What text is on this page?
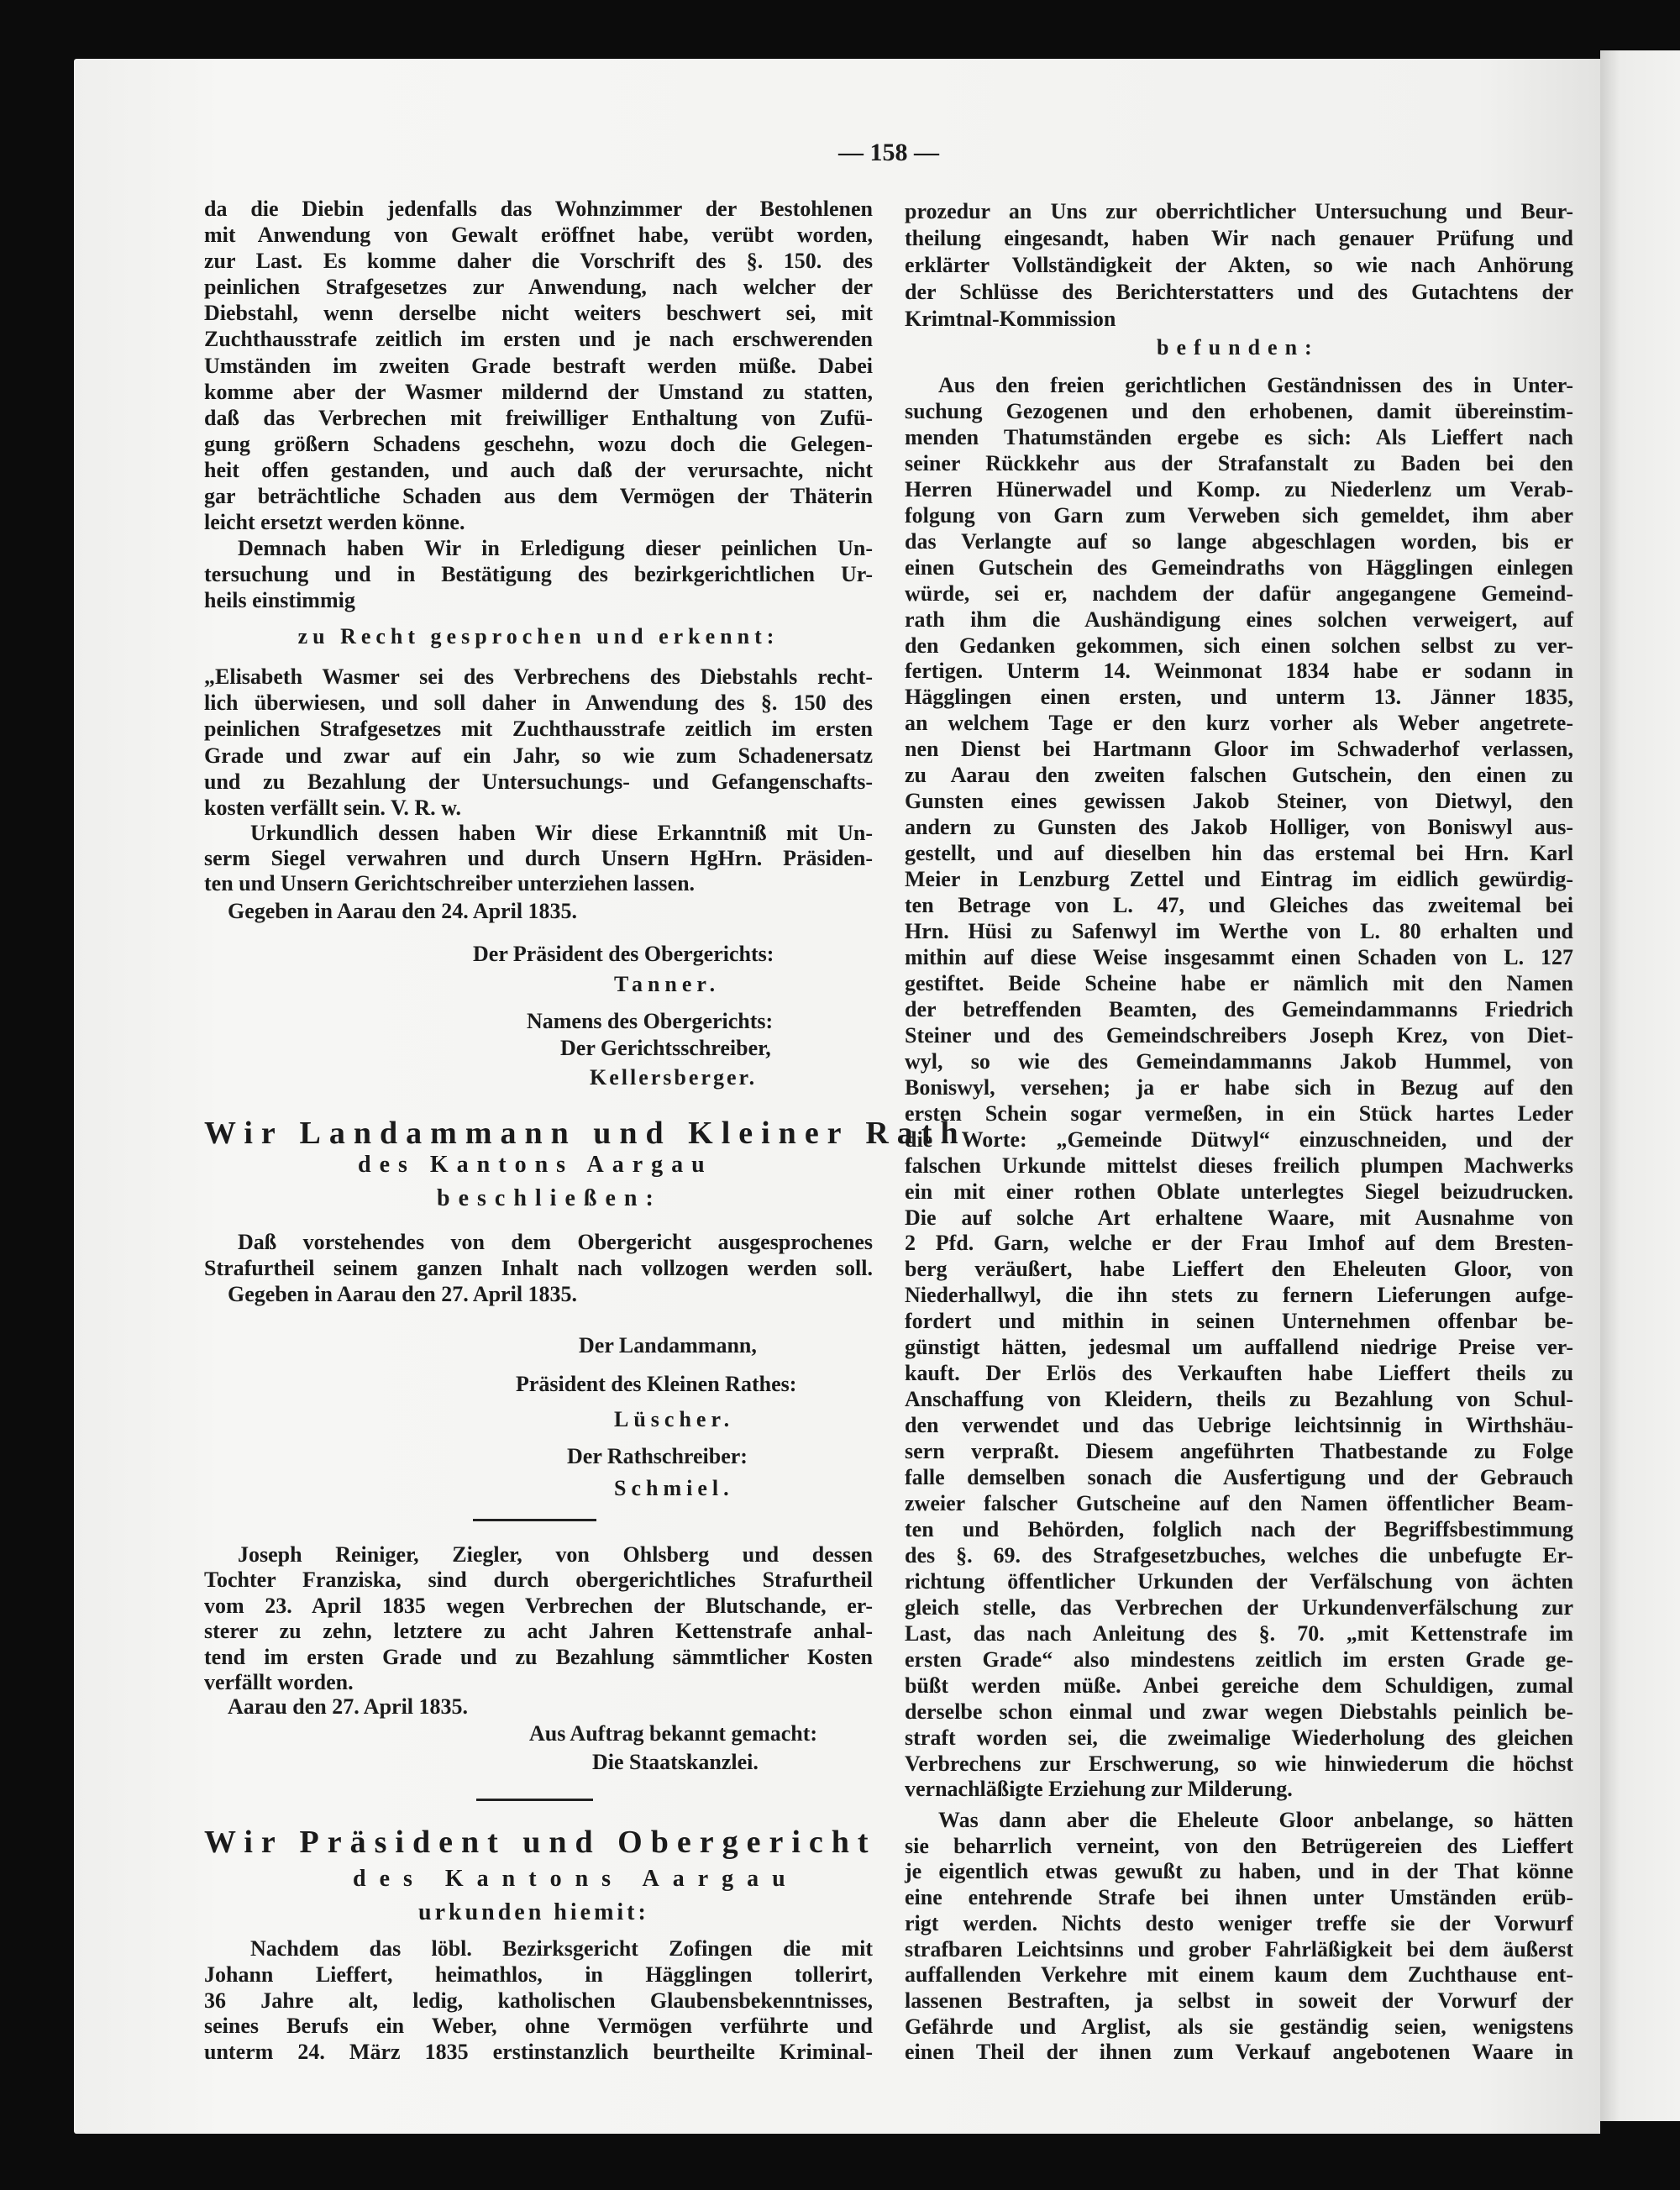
— 158 —
da die Diebin jedenfalls das Wohnzimmer der Bestohlenen
mit Anwendung von Gewalt eröffnet habe, verübt worden,
zur Last. Es komme daher die Vorschrift des §. 150. des
peinlichen Strafgesetzes zur Anwendung, nach welcher der
Diebstahl, wenn derselbe nicht weiters beschwert sei, mit
Zuchthausstrafe zeitlich im ersten und je nach erschwerenden
Umständen im zweiten Grade bestraft werden müße. Dabei
komme aber der Wasmer mildernd der Umstand zu statten,
daß das Verbrechen mit freiwilliger Enthaltung von Zufü-
gung größern Schadens geschehn, wozu doch die Gelegen-
heit offen gestanden, und auch daß der verursachte, nicht
gar beträchtliche Schaden aus dem Vermögen der Thäterin
leicht ersetzt werden könne.
Demnach haben Wir in Erledigung dieser peinlichen Un-
tersuchung und in Bestätigung des bezirkgerichtlichen Ur-
heils einstimmig
zu Recht gesprochen und erkennt:
„Elisabeth Wasmer sei des Verbrechens des Diebstahls recht-
lich überwiesen, und soll daher in Anwendung des §. 150 des
peinlichen Strafgesetzes mit Zuchthausstrafe zeitlich im ersten
Grade und zwar auf ein Jahr, so wie zum Schadenersatz
und zu Bezahlung der Untersuchungs- und Gefangenschafts-
kosten verfällt sein. V. R. w.
Urkundlich dessen haben Wir diese Erkanntniß mit Un-
serm Siegel verwahren und durch Unsern HgHrn. Präsiden-
ten und Unsern Gerichtschreiber unterziehen lassen.
Gegeben in Aarau den 24. April 1835.
Der Präsident des Obergerichts:
Tanner.
Namens des Obergerichts:
Der Gerichtsschreiber,
Kellersberger.
Wir Landammann und Kleiner Rath
des Kantons Aargau
beschließen:
Daß vorstehendes von dem Obergericht ausgesprochenes
Strafurtheil seinem ganzen Inhalt nach vollzogen werden soll.
Gegeben in Aarau den 27. April 1835.
Der Landammann,
Präsident des Kleinen Rathes:
Lüscher.
Der Rathschreiber:
Schmiel.
Joseph Reiniger, Ziegler, von Ohlsberg und dessen
Tochter Franziska, sind durch obergerichtliches Strafurtheil
vom 23. April 1835 wegen Verbrechen der Blutschande, er-
sterer zu zehn, letztere zu acht Jahren Kettenstrafe anhal-
tend im ersten Grade und zu Bezahlung sämmtlicher Kosten
verfällt worden.
Aarau den 27. April 1835.
Aus Auftrag bekannt gemacht:
Die Staatskanzlei.
Wir Präsident und Obergericht
des Kantons Aargau
urkunden hiemit:
Nachdem das löbl. Bezirksgericht Zofingen die mit
Johann Lieffert, heimathlos, in Hägglingen tollerirt,
36 Jahre alt, ledig, katholischen Glaubensbekenntnisses,
seines Berufs ein Weber, ohne Vermögen verführte und
unterm 24. März 1835 erstinstanzlich beurtheilte Kriminal-
prozedur an Uns zur oberrichtlicher Untersuchung und Beur-
theilung eingesandt, haben Wir nach genauer Prüfung und
erklärter Vollständigkeit der Akten, so wie nach Anhörung
der Schlüsse des Berichterstatters und des Gutachtens der
Krimtnal-Kommission
befunden:
Aus den freien gerichtlichen Geständnissen des in Unter-
suchung Gezogenen und den erhobenen, damit übereinstim-
menden Thatumständen ergebe es sich: Als Lieffert nach
seiner Rückkehr aus der Strafanstalt zu Baden bei den
Herren Hünerwadel und Komp. zu Niederlenz um Verab-
folgung von Garn zum Verweben sich gemeldet, ihm aber
das Verlangte auf so lange abgeschlagen worden, bis er
einen Gutschein des Gemeindraths von Hägglingen einlegen
würde, sei er, nachdem der dafür angegangene Gemeind-
rath ihm die Aushändigung eines solchen verweigert, auf
den Gedanken gekommen, sich einen solchen selbst zu ver-
fertigen. Unterm 14. Weinmonat 1834 habe er sodann in
Hägglingen einen ersten, und unterm 13. Jänner 1835,
an welchem Tage er den kurz vorher als Weber angetrete-
nen Dienst bei Hartmann Gloor im Schwaderhof verlassen,
zu Aarau den zweiten falschen Gutschein, den einen zu
Gunsten eines gewissen Jakob Steiner, von Dietwyl, den
andern zu Gunsten des Jakob Holliger, von Boniswyl aus-
gestellt, und auf dieselben hin das erstemal bei Hrn. Karl
Meier in Lenzburg Zettel und Eintrag im eidlich gewürdig-
ten Betrage von L. 47, und Gleiches das zweitemal bei
Hrn. Hüsi zu Safenwyl im Werthe von L. 80 erhalten und
mithin auf diese Weise insgesammt einen Schaden von L. 127
gestiftet. Beide Scheine habe er nämlich mit den Namen
der betreffenden Beamten, des Gemeindammanns Friedrich
Steiner und des Gemeindschreibers Joseph Krez, von Diet-
wyl, so wie des Gemeindammanns Jakob Hummel, von
Boniswyl, versehen; ja er habe sich in Bezug auf den
ersten Schein sogar vermeßen, in ein Stück hartes Leder
die Worte: „Gemeinde Dütwyl“ einzuschneiden, und der
falschen Urkunde mittelst dieses freilich plumpen Machwerks
ein mit einer rothen Oblate unterlegtes Siegel beizudrucken.
Die auf solche Art erhaltene Waare, mit Ausnahme von
2 Pfd. Garn, welche er der Frau Imhof auf dem Bresten-
berg veräußert, habe Lieffert den Eheleuten Gloor, von
Niederhallwyl, die ihn stets zu fernern Lieferungen aufge-
fordert und mithin in seinen Unternehmen offenbar be-
günstigt hätten, jedesmal um auffallend niedrige Preise ver-
kauft. Der Erlös des Verkauften habe Lieffert theils zu
Anschaffung von Kleidern, theils zu Bezahlung von Schul-
den verwendet und das Uebrige leichtsinnig in Wirthshäu-
sern verpraßt. Diesem angeführten Thatbestande zu Folge
falle demselben sonach die Ausfertigung und der Gebrauch
zweier falscher Gutscheine auf den Namen öffentlicher Beam-
ten und Behörden, folglich nach der Begriffsbestimmung
des §. 69. des Strafgesetzbuches, welches die unbefugte Er-
richtung öffentlicher Urkunden der Verfälschung von ächten
gleich stelle, das Verbrechen der Urkundenverfälschung zur
Last, das nach Anleitung des §. 70. „mit Kettenstrafe im
ersten Grade“ also mindestens zeitlich im ersten Grade ge-
büßt werden müße. Anbei gereiche dem Schuldigen, zumal
derselbe schon einmal und zwar wegen Diebstahls peinlich be-
straft worden sei, die zweimalige Wiederholung des gleichen
Verbrechens zur Erschwerung, so wie hinwiederum die höchst
vernachläßigte Erziehung zur Milderung.
Was dann aber die Eheleute Gloor anbelange, so hätten
sie beharrlich verneint, von den Betrügereien des Lieffert
je eigentlich etwas gewußt zu haben, und in der That könne
eine entehrende Strafe bei ihnen unter Umständen erüb-
rigt werden. Nichts desto weniger treffe sie der Vorwurf
strafbaren Leichtsinns und grober Fahrläßigkeit bei dem äußerst
auffallenden Verkehre mit einem kaum dem Zuchthause ent-
lassenen Bestraften, ja selbst in soweit der Vorwurf der
Gefährde und Arglist, als sie geständig seien, wenigstens
einen Theil der ihnen zum Verkauf angebotenen Waare in
